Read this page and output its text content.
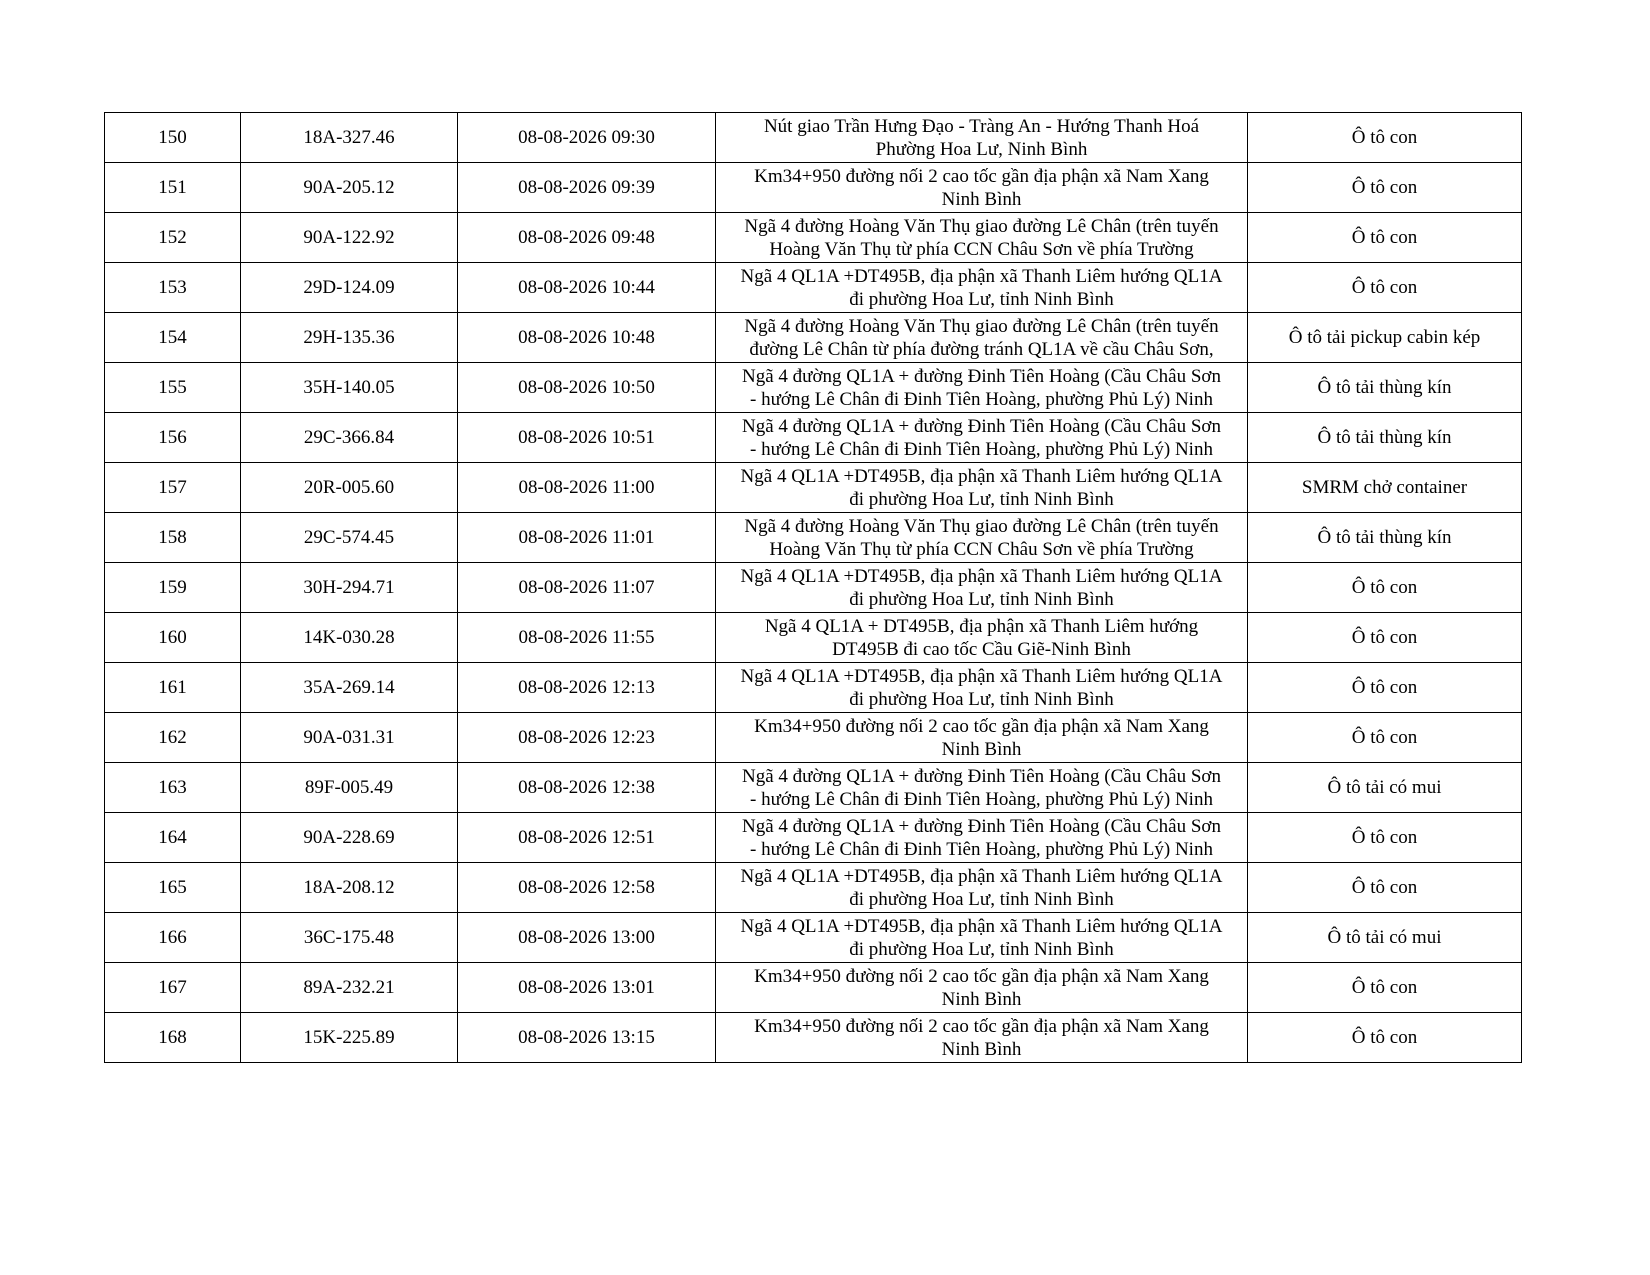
150	18A-327.46	08-08-2026 09:30	Nút giao Trần Hưng Đạo - Tràng An - Hướng Thanh Hoá
Phường Hoa Lư, Ninh Bình	Ô tô con
151	90A-205.12	08-08-2026 09:39	Km34+950 đường nối 2 cao tốc gần địa phận xã Nam Xang
Ninh Bình	Ô tô con
152	90A-122.92	08-08-2026 09:48	Ngã 4 đường Hoàng Văn Thụ giao đường Lê Chân (trên tuyến
Hoàng Văn Thụ từ phía CCN Châu Sơn về phía Trường	Ô tô con
153	29D-124.09	08-08-2026 10:44	Ngã 4 QL1A +DT495B, địa phận xã Thanh Liêm hướng QL1A
đi phường Hoa Lư, tỉnh Ninh Bình	Ô tô con
154	29H-135.36	08-08-2026 10:48	Ngã 4 đường Hoàng Văn Thụ giao đường Lê Chân (trên tuyến
đường Lê Chân từ phía đường tránh QL1A về cầu Châu Sơn,	Ô tô tải pickup cabin kép
155	35H-140.05	08-08-2026 10:50	Ngã 4 đường QL1A + đường Đinh Tiên Hoàng (Cầu Châu Sơn
- hướng Lê Chân đi Đinh Tiên Hoàng, phường Phủ Lý) Ninh	Ô tô tải thùng kín
156	29C-366.84	08-08-2026 10:51	Ngã 4 đường QL1A + đường Đinh Tiên Hoàng (Cầu Châu Sơn
- hướng Lê Chân đi Đinh Tiên Hoàng, phường Phủ Lý) Ninh	Ô tô tải thùng kín
157	20R-005.60	08-08-2026 11:00	Ngã 4 QL1A +DT495B, địa phận xã Thanh Liêm hướng QL1A
đi phường Hoa Lư, tỉnh Ninh Bình	SMRM chở container
158	29C-574.45	08-08-2026 11:01	Ngã 4 đường Hoàng Văn Thụ giao đường Lê Chân (trên tuyến
Hoàng Văn Thụ từ phía CCN Châu Sơn về phía Trường	Ô tô tải thùng kín
159	30H-294.71	08-08-2026 11:07	Ngã 4 QL1A +DT495B, địa phận xã Thanh Liêm hướng QL1A
đi phường Hoa Lư, tỉnh Ninh Bình	Ô tô con
160	14K-030.28	08-08-2026 11:55	Ngã 4 QL1A + DT495B, địa phận xã Thanh Liêm hướng
DT495B đi cao tốc Cầu Giẽ-Ninh Bình	Ô tô con
161	35A-269.14	08-08-2026 12:13	Ngã 4 QL1A +DT495B, địa phận xã Thanh Liêm hướng QL1A
đi phường Hoa Lư, tỉnh Ninh Bình	Ô tô con
162	90A-031.31	08-08-2026 12:23	Km34+950 đường nối 2 cao tốc gần địa phận xã Nam Xang
Ninh Bình	Ô tô con
163	89F-005.49	08-08-2026 12:38	Ngã 4 đường QL1A + đường Đinh Tiên Hoàng (Cầu Châu Sơn
- hướng Lê Chân đi Đinh Tiên Hoàng, phường Phủ Lý) Ninh	Ô tô tải có mui
164	90A-228.69	08-08-2026 12:51	Ngã 4 đường QL1A + đường Đinh Tiên Hoàng (Cầu Châu Sơn
- hướng Lê Chân đi Đinh Tiên Hoàng, phường Phủ Lý) Ninh	Ô tô con
165	18A-208.12	08-08-2026 12:58	Ngã 4 QL1A +DT495B, địa phận xã Thanh Liêm hướng QL1A
đi phường Hoa Lư, tỉnh Ninh Bình	Ô tô con
166	36C-175.48	08-08-2026 13:00	Ngã 4 QL1A +DT495B, địa phận xã Thanh Liêm hướng QL1A
đi phường Hoa Lư, tỉnh Ninh Bình	Ô tô tải có mui
167	89A-232.21	08-08-2026 13:01	Km34+950 đường nối 2 cao tốc gần địa phận xã Nam Xang
Ninh Bình	Ô tô con
168	15K-225.89	08-08-2026 13:15	Km34+950 đường nối 2 cao tốc gần địa phận xã Nam Xang
Ninh Bình	Ô tô con
